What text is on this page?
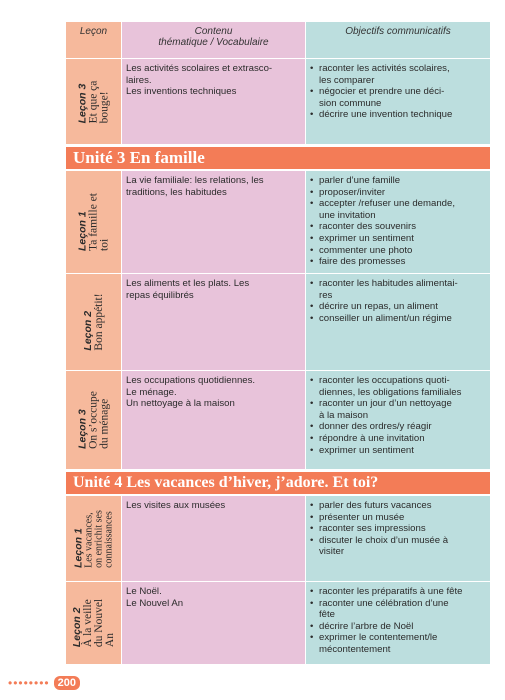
Leçon	Contenu
thématique / Vocabulaire
Objectifs communicatifs
Leçon 3 Et que ça bouge!
Les activités scolaires et extrasco-
laires.
Les inventions techniques
• raconter les activités scolaires,
les comparer
• négocier et prendre une déci-
sion commune
• décrire une invention technique
Unité 3 En famille
Leçon 1 Ta famille et toi
La vie familiale: les relations, les
traditions, les habitudes
• parler d’une famille
• proposer/inviter
• accepter /refuser une demande,
une invitation
• raconter des souvenirs
• exprimer un sentiment
• commenter une photo
• faire des promesses
Leçon 2 Bon appétit!
Les aliments et les plats. Les
repas équilibrés
• raconter les habitudes alimentai-
res
• décrire un repas, un aliment
• conseiller un aliment/un régime
Leçon 3 On s’occupe du ménage
Les occupations quotidiennes.
Le ménage.
Un nettoyage à la maison
• raconter les occupations quoti-
diennes, les obligations familiales
• raconter un jour d’un nettoyage
à la maison
• donner des ordres/y réagir
• répondre à une invitation
• exprimer un sentiment
Unité 4 Les vacances d’hiver, j’adore. Et toi?
Leçon 1 Les vacances, on enrichit ses connaissances
Les visites aux musées
•	parler des futurs vacances
• présenter un musée
• raconter ses impressions
• discuter le choix d’un musée à
visiter
Leçon 2 À la veille du Nouvel An
Le Noël.
Le Nouvel An
• raconter les préparatifs à une fête
• raconter une célébration d’une
fête
• décrire l’arbre de Noël
• exprimer le contentement/le
mécontentement
•••••••• 200
